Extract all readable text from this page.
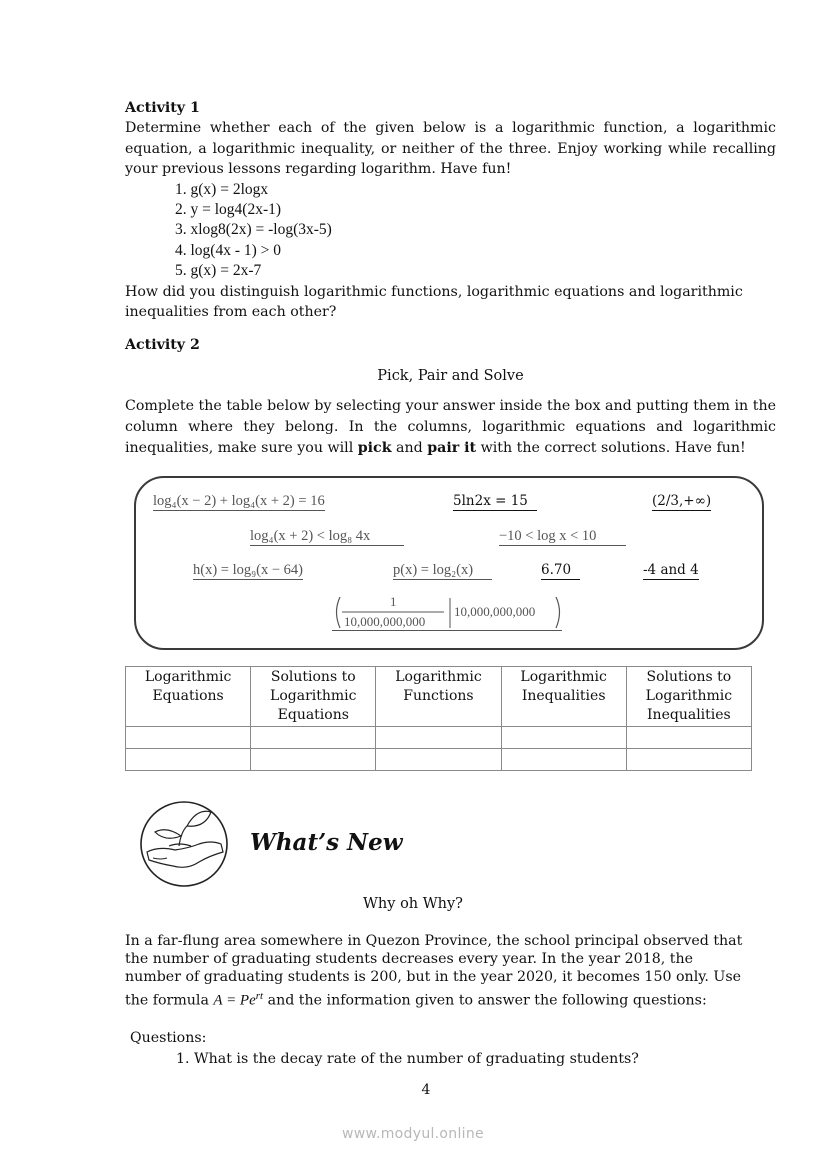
Activity 1
Determine whether each of the given below is a logarithmic function, a logarithmic equation, a logarithmic inequality, or neither of the three. Enjoy working while recalling your previous lessons regarding logarithm. Have fun!
1. g(x) = 2logx
2. y = log4(2x-1)
3. xlog8(2x) = -log(3x-5)
4. log(4x - 1) > 0
5. g(x) = 2x-7
How did you distinguish logarithmic functions, logarithmic equations and logarithmic inequalities from each other?
Activity 2
Pick, Pair and Solve
Complete the table below by selecting your answer inside the box and putting them in the column where they belong. In the columns, logarithmic equations and logarithmic inequalities, make sure you will pick and pair it with the correct solutions. Have fun!
log₄(x − 2) + log₄(x + 2) = 16	5ln2x = 15	(2/3,+∞)
log₄(x + 2) < log₈ 4x	−10 < log x < 10
h(x) = log₉(x − 64)	p(x) = log₂(x)	6.70	-4 and 4
1
10,000,000,000
10,000,000,000
Logarithmic Equations	Solutions to Logarithmic Equations	Logarithmic Functions	Logarithmic Inequalities	Solutions to Logarithmic Inequalities

What’s New
Why oh Why?
In a far-flung area somewhere in Quezon Province, the school principal observed that
the number of graduating students decreases every year. In the year 2018, the
number of graduating students is 200, but in the year 2020, it becomes 150 only. Use
the formula $A = Pe^{rt}$ and the information given to answer the following questions:
Questions:
1. What is the decay rate of the number of graduating students?
4
www.modyul.online
